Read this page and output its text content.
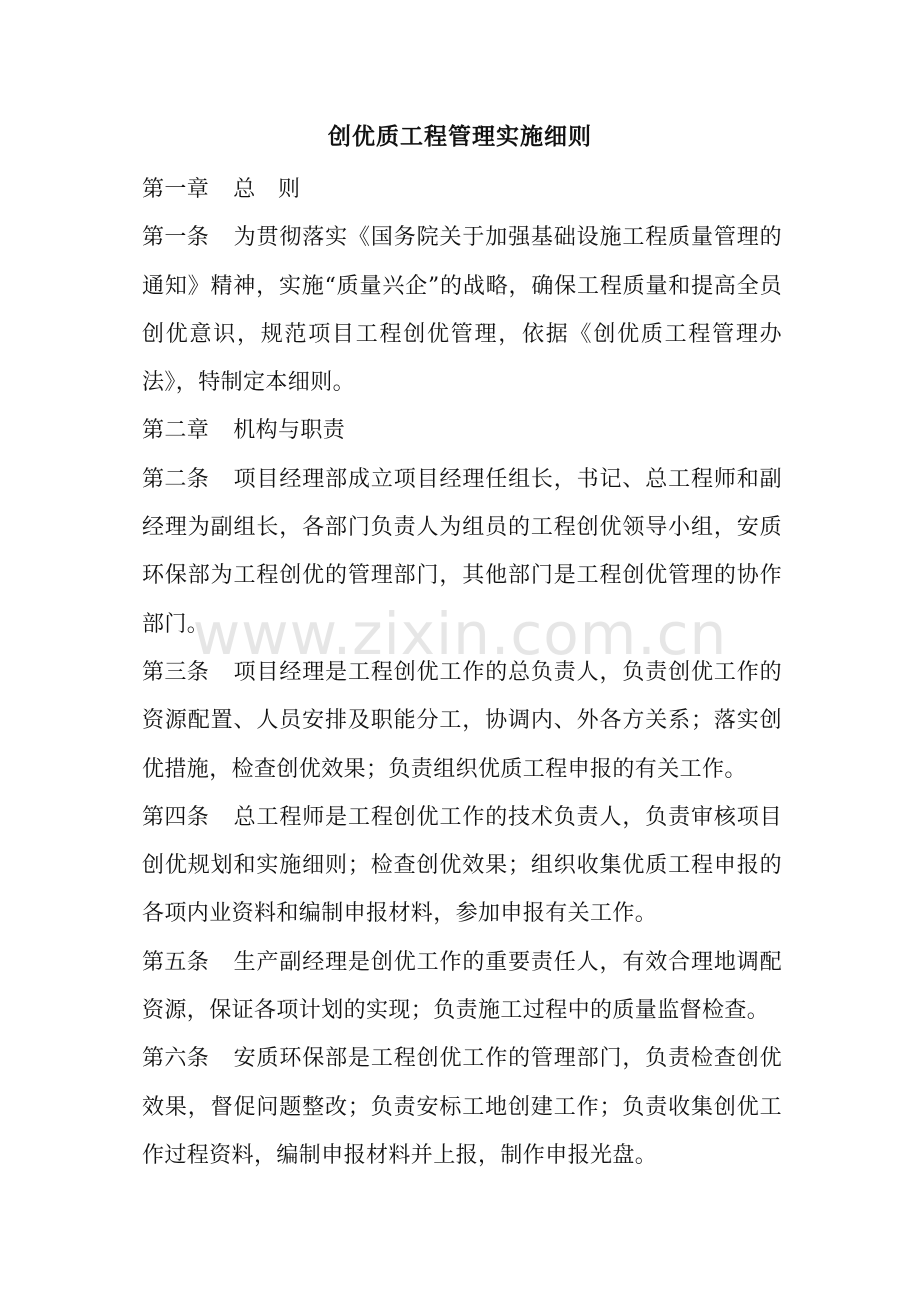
创优质工程管理实施细则

第一章 总　则

第一条 为贯彻落实《国务院关于加强基础设施工程质量管理的通知》精神，实施“质量兴企”的战略，确保工程质量和提高全员创优意识，规范项目工程创优管理，依据《创优质工程管理办法》，特制定本细则。

第二章 机构与职责

第二条 项目经理部成立项目经理任组长，书记、总工程师和副经理为副组长，各部门负责人为组员的工程创优领导小组，安质环保部为工程创优的管理部门，其他部门是工程创优管理的协作部门。

第三条 项目经理是工程创优工作的总负责人，负责创优工作的资源配置、人员安排及职能分工，协调内、外各方关系；落实创优措施，检查创优效果；负责组织优质工程申报的有关工作。

第四条 总工程师是工程创优工作的技术负责人，负责审核项目创优规划和实施细则；检查创优效果；组织收集优质工程申报的各项内业资料和编制申报材料，参加申报有关工作。

第五条 生产副经理是创优工作的重要责任人，有效合理地调配资源，保证各项计划的实现；负责施工过程中的质量监督检查。

第六条 安质环保部是工程创优工作的管理部门，负责检查创优效果，督促问题整改；负责安标工地创建工作；负责收集创优工作过程资料，编制申报材料并上报，制作申报光盘。

www.zixin.com.cn
